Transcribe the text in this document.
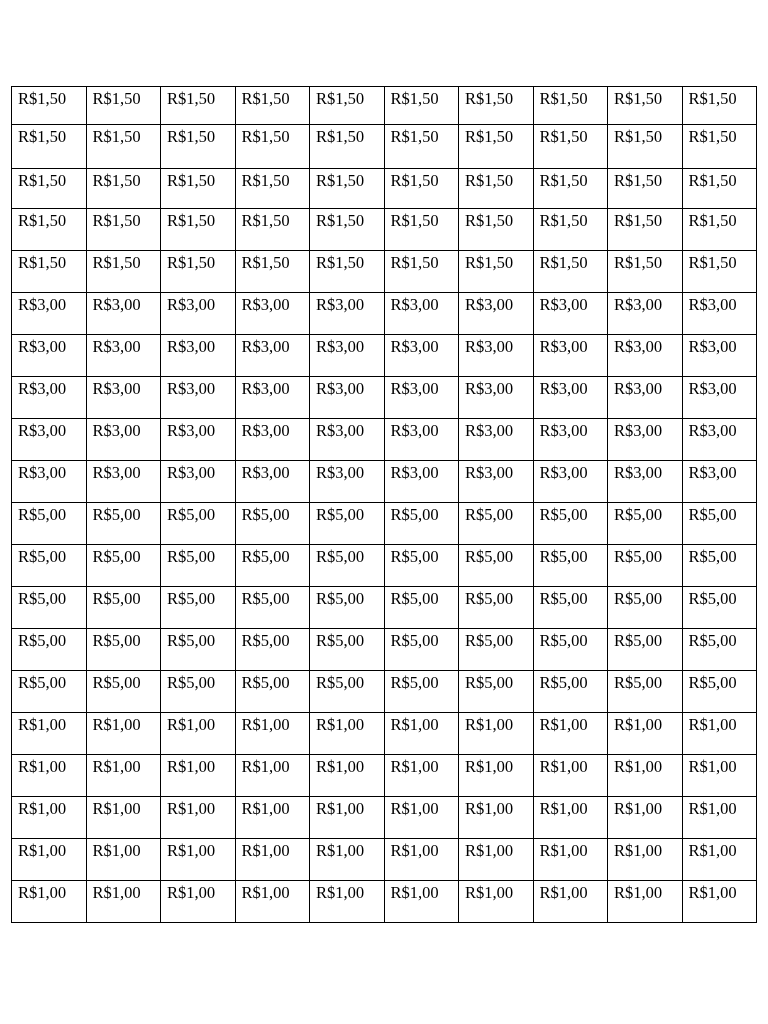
R$1,50	R$1,50	R$1,50	R$1,50	R$1,50	R$1,50	R$1,50	R$1,50	R$1,50	R$1,50
R$1,50	R$1,50	R$1,50	R$1,50	R$1,50	R$1,50	R$1,50	R$1,50	R$1,50	R$1,50
R$1,50	R$1,50	R$1,50	R$1,50	R$1,50	R$1,50	R$1,50	R$1,50	R$1,50	R$1,50
R$1,50	R$1,50	R$1,50	R$1,50	R$1,50	R$1,50	R$1,50	R$1,50	R$1,50	R$1,50
R$1,50	R$1,50	R$1,50	R$1,50	R$1,50	R$1,50	R$1,50	R$1,50	R$1,50	R$1,50
R$3,00	R$3,00	R$3,00	R$3,00	R$3,00	R$3,00	R$3,00	R$3,00	R$3,00	R$3,00
R$3,00	R$3,00	R$3,00	R$3,00	R$3,00	R$3,00	R$3,00	R$3,00	R$3,00	R$3,00
R$3,00	R$3,00	R$3,00	R$3,00	R$3,00	R$3,00	R$3,00	R$3,00	R$3,00	R$3,00
R$3,00	R$3,00	R$3,00	R$3,00	R$3,00	R$3,00	R$3,00	R$3,00	R$3,00	R$3,00
R$3,00	R$3,00	R$3,00	R$3,00	R$3,00	R$3,00	R$3,00	R$3,00	R$3,00	R$3,00
R$5,00	R$5,00	R$5,00	R$5,00	R$5,00	R$5,00	R$5,00	R$5,00	R$5,00	R$5,00
R$5,00	R$5,00	R$5,00	R$5,00	R$5,00	R$5,00	R$5,00	R$5,00	R$5,00	R$5,00
R$5,00	R$5,00	R$5,00	R$5,00	R$5,00	R$5,00	R$5,00	R$5,00	R$5,00	R$5,00
R$5,00	R$5,00	R$5,00	R$5,00	R$5,00	R$5,00	R$5,00	R$5,00	R$5,00	R$5,00
R$5,00	R$5,00	R$5,00	R$5,00	R$5,00	R$5,00	R$5,00	R$5,00	R$5,00	R$5,00
R$1,00	R$1,00	R$1,00	R$1,00	R$1,00	R$1,00	R$1,00	R$1,00	R$1,00	R$1,00
R$1,00	R$1,00	R$1,00	R$1,00	R$1,00	R$1,00	R$1,00	R$1,00	R$1,00	R$1,00
R$1,00	R$1,00	R$1,00	R$1,00	R$1,00	R$1,00	R$1,00	R$1,00	R$1,00	R$1,00
R$1,00	R$1,00	R$1,00	R$1,00	R$1,00	R$1,00	R$1,00	R$1,00	R$1,00	R$1,00
R$1,00	R$1,00	R$1,00	R$1,00	R$1,00	R$1,00	R$1,00	R$1,00	R$1,00	R$1,00
